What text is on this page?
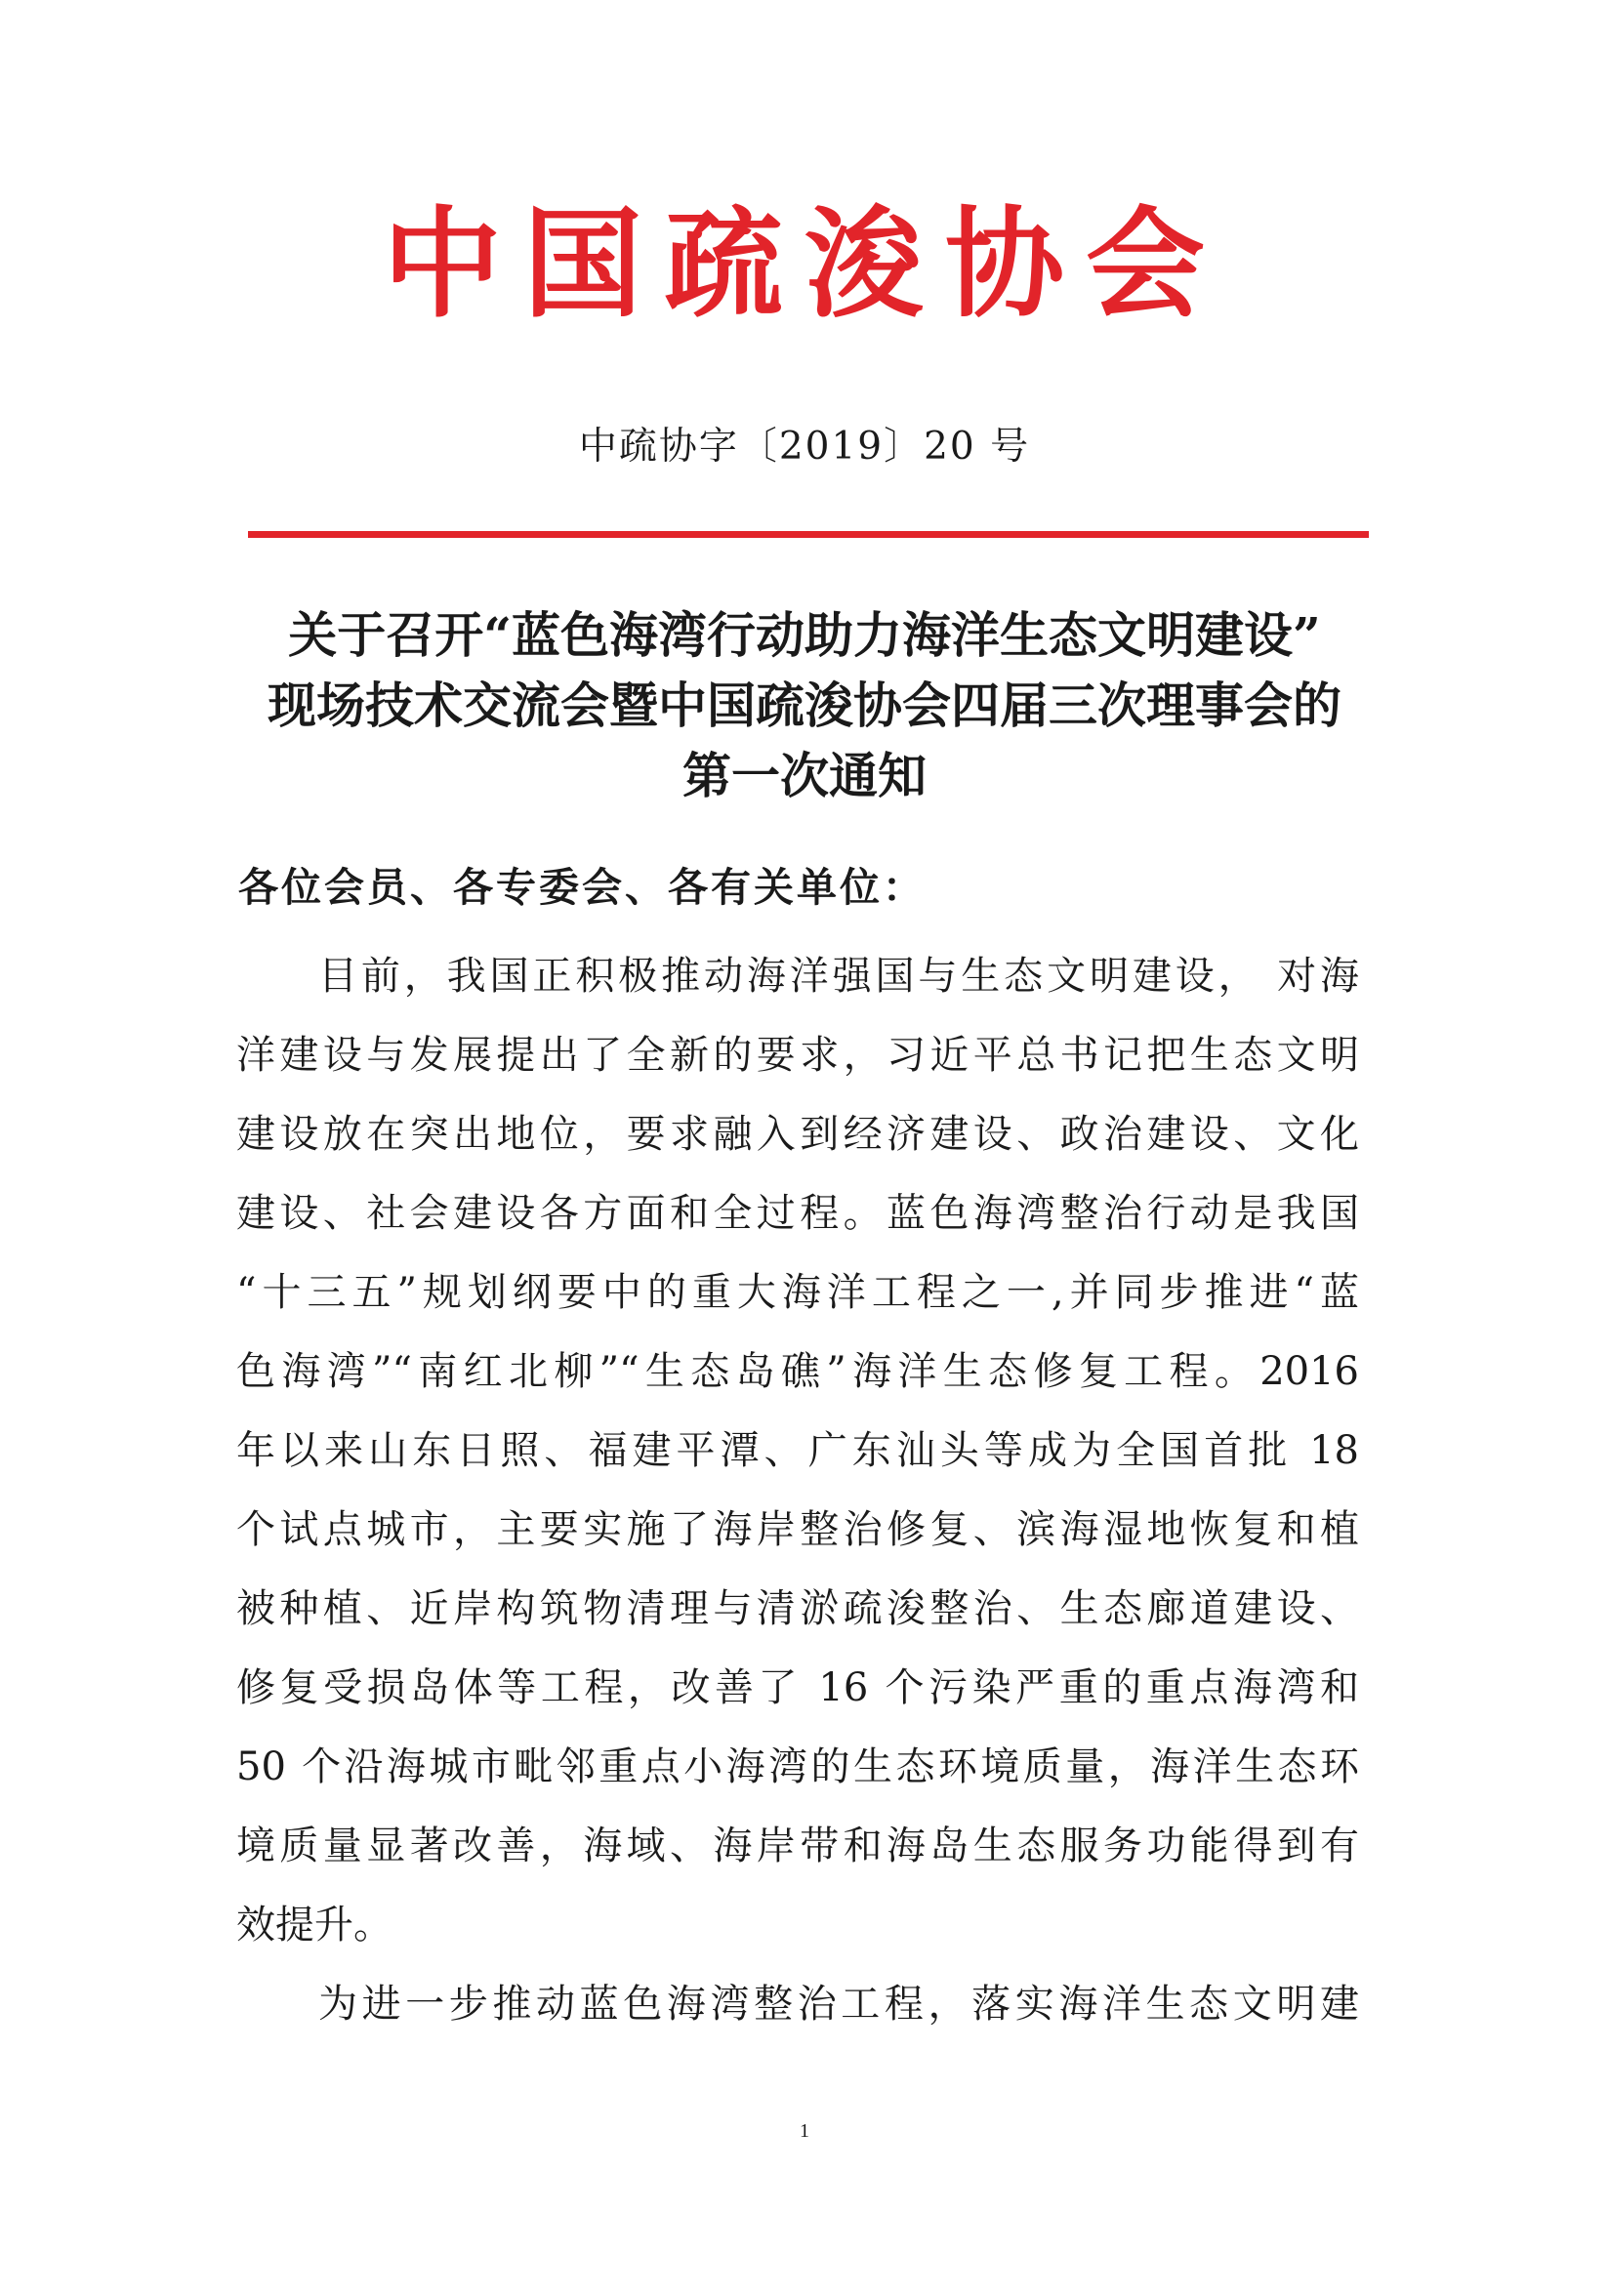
中国疏浚协会
中疏协字〔2019〕20 号
关于召开“蓝色海湾行动助力海洋生态文明建设”
现场技术交流会暨中国疏浚协会四届三次理事会的
第一次通知
各位会员、各专委会、各有关单位：
目前，我国正积极推动海洋强国与生态文明建设， 对海
洋建设与发展提出了全新的要求，习近平总书记把生态文明
建设放在突出地位，要求融入到经济建设、政治建设、文化
建设、社会建设各方面和全过程。蓝色海湾整治行动是我国
“十三五”规划纲要中的重大海洋工程之一,并同步推进“蓝
色海湾”“南红北柳”“生态岛礁”海洋生态修复工程。2016
年以来山东日照、福建平潭、广东汕头等成为全国首批 18
个试点城市，主要实施了海岸整治修复、滨海湿地恢复和植
被种植、近岸构筑物清理与清淤疏浚整治、生态廊道建设、
修复受损岛体等工程，改善了 16 个污染严重的重点海湾和
50 个沿海城市毗邻重点小海湾的生态环境质量，海洋生态环
境质量显著改善，海域、海岸带和海岛生态服务功能得到有
效提升。
为进一步推动蓝色海湾整治工程，落实海洋生态文明建
1
